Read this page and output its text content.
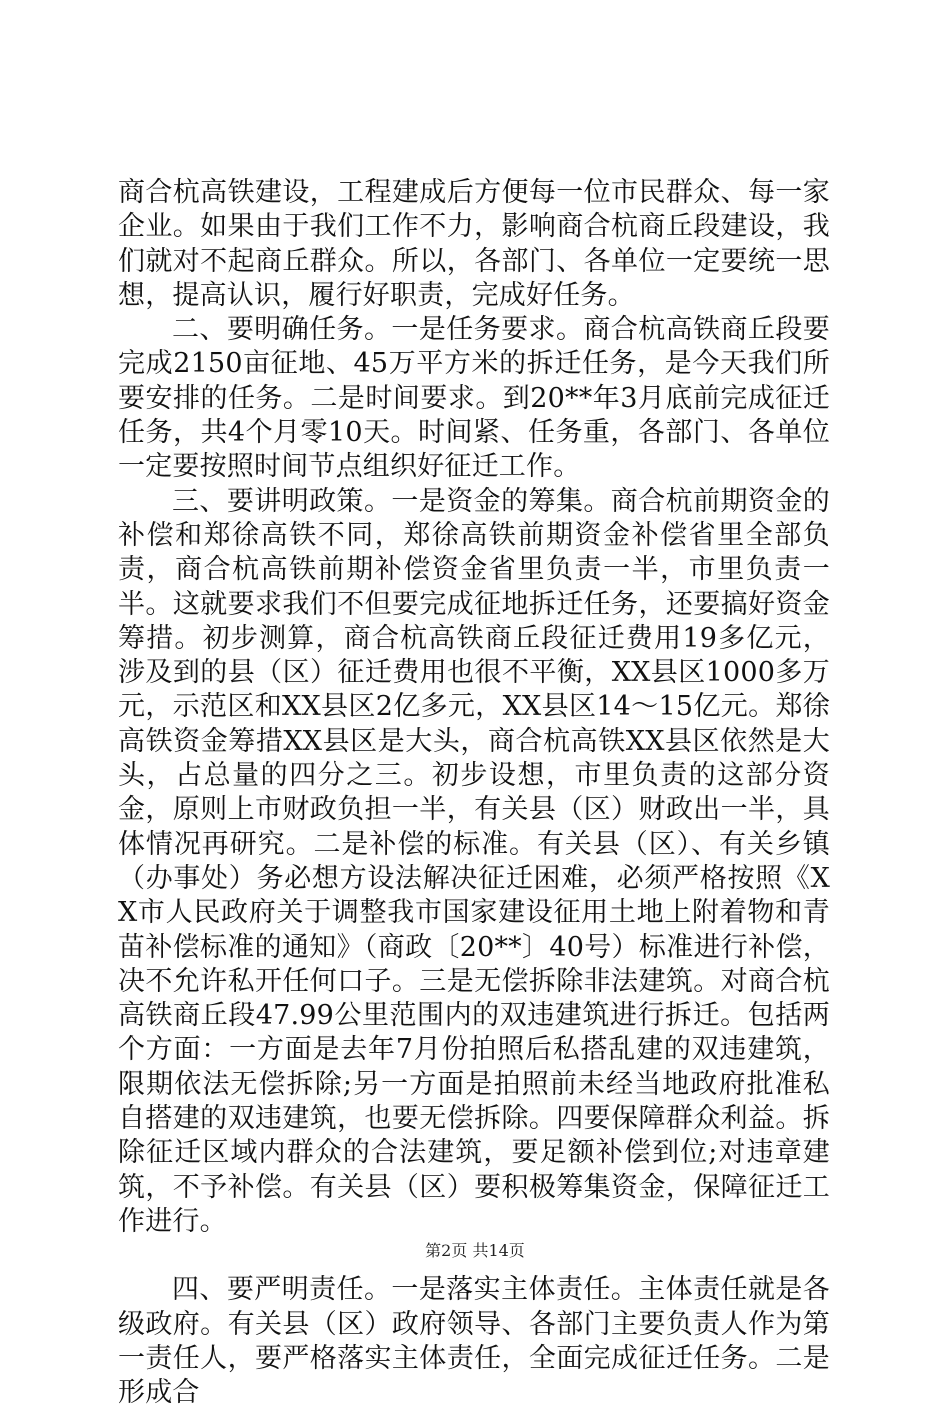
商合杭高铁建设，工程建成后方便每一位市民群众、每一家企业。如果由于我们工作不力，影响商合杭商丘段建设，我们就对不起商丘群众。所以，各部门、各单位一定要统一思想，提高认识，履行好职责，完成好任务。

二、要明确任务。一是任务要求。商合杭高铁商丘段要完成2150亩征地、45万平方米的拆迁任务，是今天我们所要安排的任务。二是时间要求。到20**年3月底前完成征迁任务，共4个月零10天。时间紧、任务重，各部门、各单位一定要按照时间节点组织好征迁工作。

三、要讲明政策。一是资金的筹集。商合杭前期资金的补偿和郑徐高铁不同，郑徐高铁前期资金补偿省里全部负责，商合杭高铁前期补偿资金省里负责一半，市里负责一半。这就要求我们不但要完成征地拆迁任务，还要搞好资金筹措。初步测算，商合杭高铁商丘段征迁费用19多亿元，涉及到的县（区）征迁费用也很不平衡，XX县区1000多万元，示范区和XX县区2亿多元，XX县区14～15亿元。郑徐高铁资金筹措XX县区是大头，商合杭高铁XX县区依然是大头，占总量的四分之三。初步设想，市里负责的这部分资金，原则上市财政负担一半，有关县（区）财政出一半，具体情况再研究。二是补偿的标准。有关县（区）、有关乡镇（办事处）务必想方设法解决征迁困难，必须严格按照《XX市人民政府关于调整我市国家建设征用土地上附着物和青苗补偿标准的通知》（商政〔20**〕40号）标准进行补偿，决不允许私开任何口子。三是无偿拆除非法建筑。对商合杭高铁商丘段47.99公里范围内的双违建筑进行拆迁。包括两个方面：一方面是去年7月份拍照后私搭乱建的双违建筑，限期依法无偿拆除;另一方面是拍照前未经当地政府批准私自搭建的双违建筑，也要无偿拆除。四要保障群众利益。拆除征迁区域内群众的合法建筑，要足额补偿到位;对违章建筑，不予补偿。有关县（区）要积极筹集资金，保障征迁工作进行。

四、要严明责任。一是落实主体责任。主体责任就是各级政府。有关县（区）政府领导、各部门主要负责人作为第一责任人，要严格落实主体责任，全面完成征迁任务。二是形成合

第2页 共14页
